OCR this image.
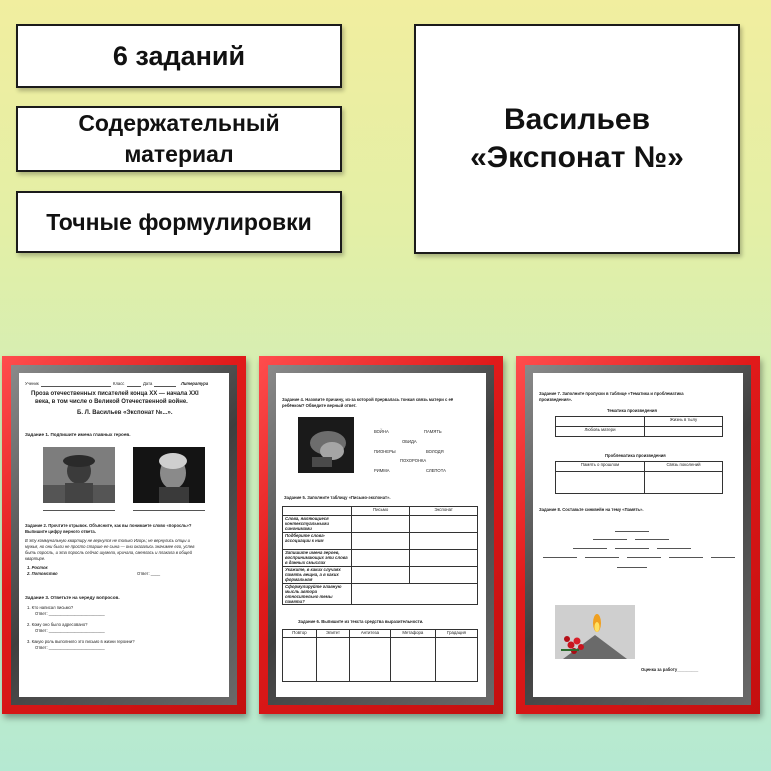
6 заданий
Содержательный
материал
Точные формулировки
Васильев
«Экспонат №»
Ученик	Класс	Дата	Литература
Проза отечественных писателей конца XX — начала XXI
века, в том числе о Великой Отечественной войне.
Б. Л. Васильев «Экспонат №...».
Задание 1. Подпишите имена главных героев.
Задание 2. Прочтите отрывок. Объясните, как вы понимаете слово «поросль»?
Выпишите цифру верного ответа.
В эту коммунальную квартиру не вернулся не только Игорь; не вернулись отцы и
мужья, но они были не просто старше ее сына — они оказались значимее его, успев
быть поросль, и эта поросль сейчас шумела, кричала, смеялась и плакала в общей
квартире.
1. Росток
2. Потомство	Ответ: ____
Задание 3. Ответьте на череду вопросов.
1. Кто написал письмо?
Ответ: ________________________
2. Кому оно было адресовано?
Ответ: ________________________
3. Какую роль выполнило это письмо в жизни героини?
Ответ: ________________________
Задание 4. Назовите причину, из-за которой прервалась тонкая связь матери с её
ребёнком? Обведите верный ответ.
ВОЙНА	ПАМЯТЬ
ОБИДА
ПИОНЕРЫ	ВОЛОДЯ
ПОХОРОНКА
РИММА	СЛЕПОТА
Задание 5. Заполните таблицу «Письмо-экспонат».
	Письмо	Экспонат
Слова, являющиеся контекстуальными синонимами		
Подберите слова-ассоциации к ним		
Запишите имена героев, воспринимающих эти слова в данных смыслах		
Укажите, в каких случаях память вещна, а в каких формальная		
Сформулируйте главную мысль автора относительно темы памяти?		
Задание 6. Выпишите из текста средства выразительности.
Повтор	Эпитет	Антитеза	Метафора	Градация

Задание 7. Заполните пропуски в таблице «Тематика и проблематика
произведения».
Тематика произведения
	Жизнь в тылу
Любовь матери	
Проблематика произведения
Память о прошлом	Связь поколений

Задание 8. Составьте синквейн на тему «Память».
Оценка за работу_________
